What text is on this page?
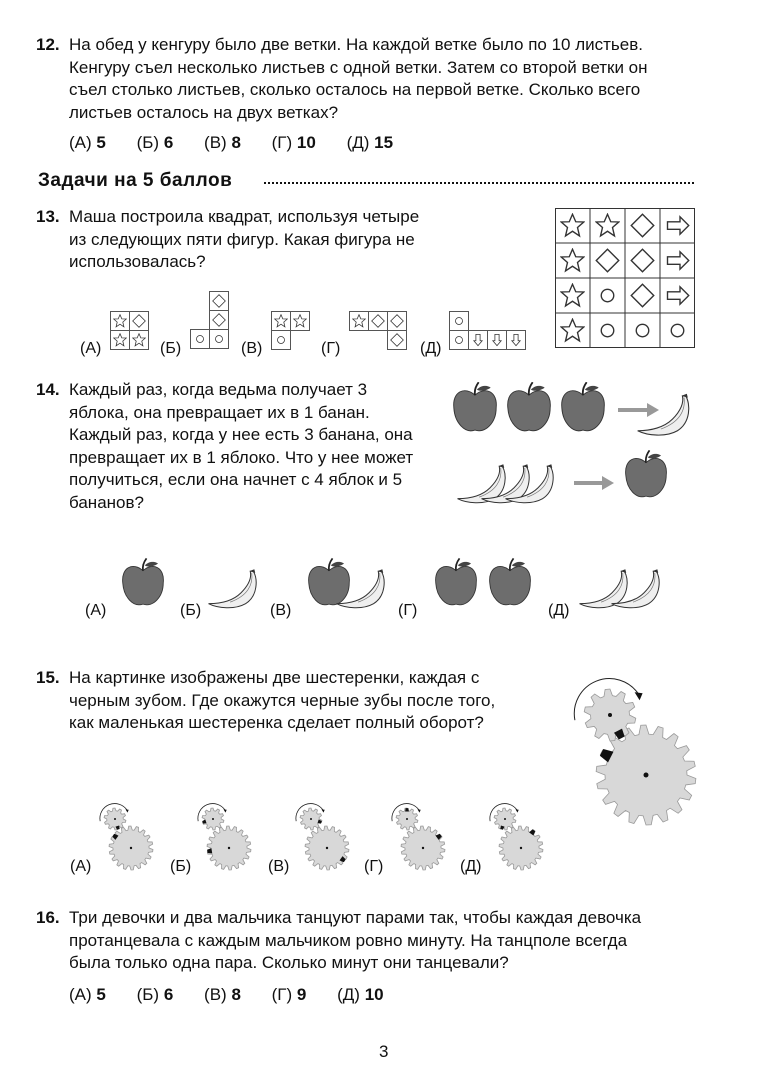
12. На обед у кенгуру было две ветки. На каждой ветке было по 10 листьев.
Кенгуру съел несколько листьев с одной ветки. Затем со второй ветки он
съел столько листьев, сколько осталось на первой ветке. Сколько всего
листьев осталось на двух ветках?
(А) 5 (Б) 6 (В) 8 (Г) 10 (Д) 15
Задачи на 5 баллов
13. Маша построила квадрат, используя четыре
из следующих пяти фигур. Какая фигура не
использовалась?
(А)	(Б)	(В)	(Г)	(Д)
14. Каждый раз, когда ведьма получает 3
яблока, она превращает их в 1 банан.
Каждый раз, когда у нее есть 3 банана, она
превращает их в 1 яблоко. Что у нее может
получиться, если она начнет с 4 яблок и 5
бананов?
(А)	(Б)	(В)	(Г)	(Д)
15. На картинке изображены две шестеренки, каждая с
черным зубом. Где окажутся черные зубы после того,
как маленькая шестеренка сделает полный оборот?
(А)	(Б)	(В)	(Г)	(Д)
16. Три девочки и два мальчика танцуют парами так, чтобы каждая девочка
протанцевала с каждым мальчиком ровно минуту. На танцполе всегда
была только одна пара. Сколько минут они танцевали?
(А) 5 (Б) 6 (В) 8 (Г) 9 (Д) 10
3
